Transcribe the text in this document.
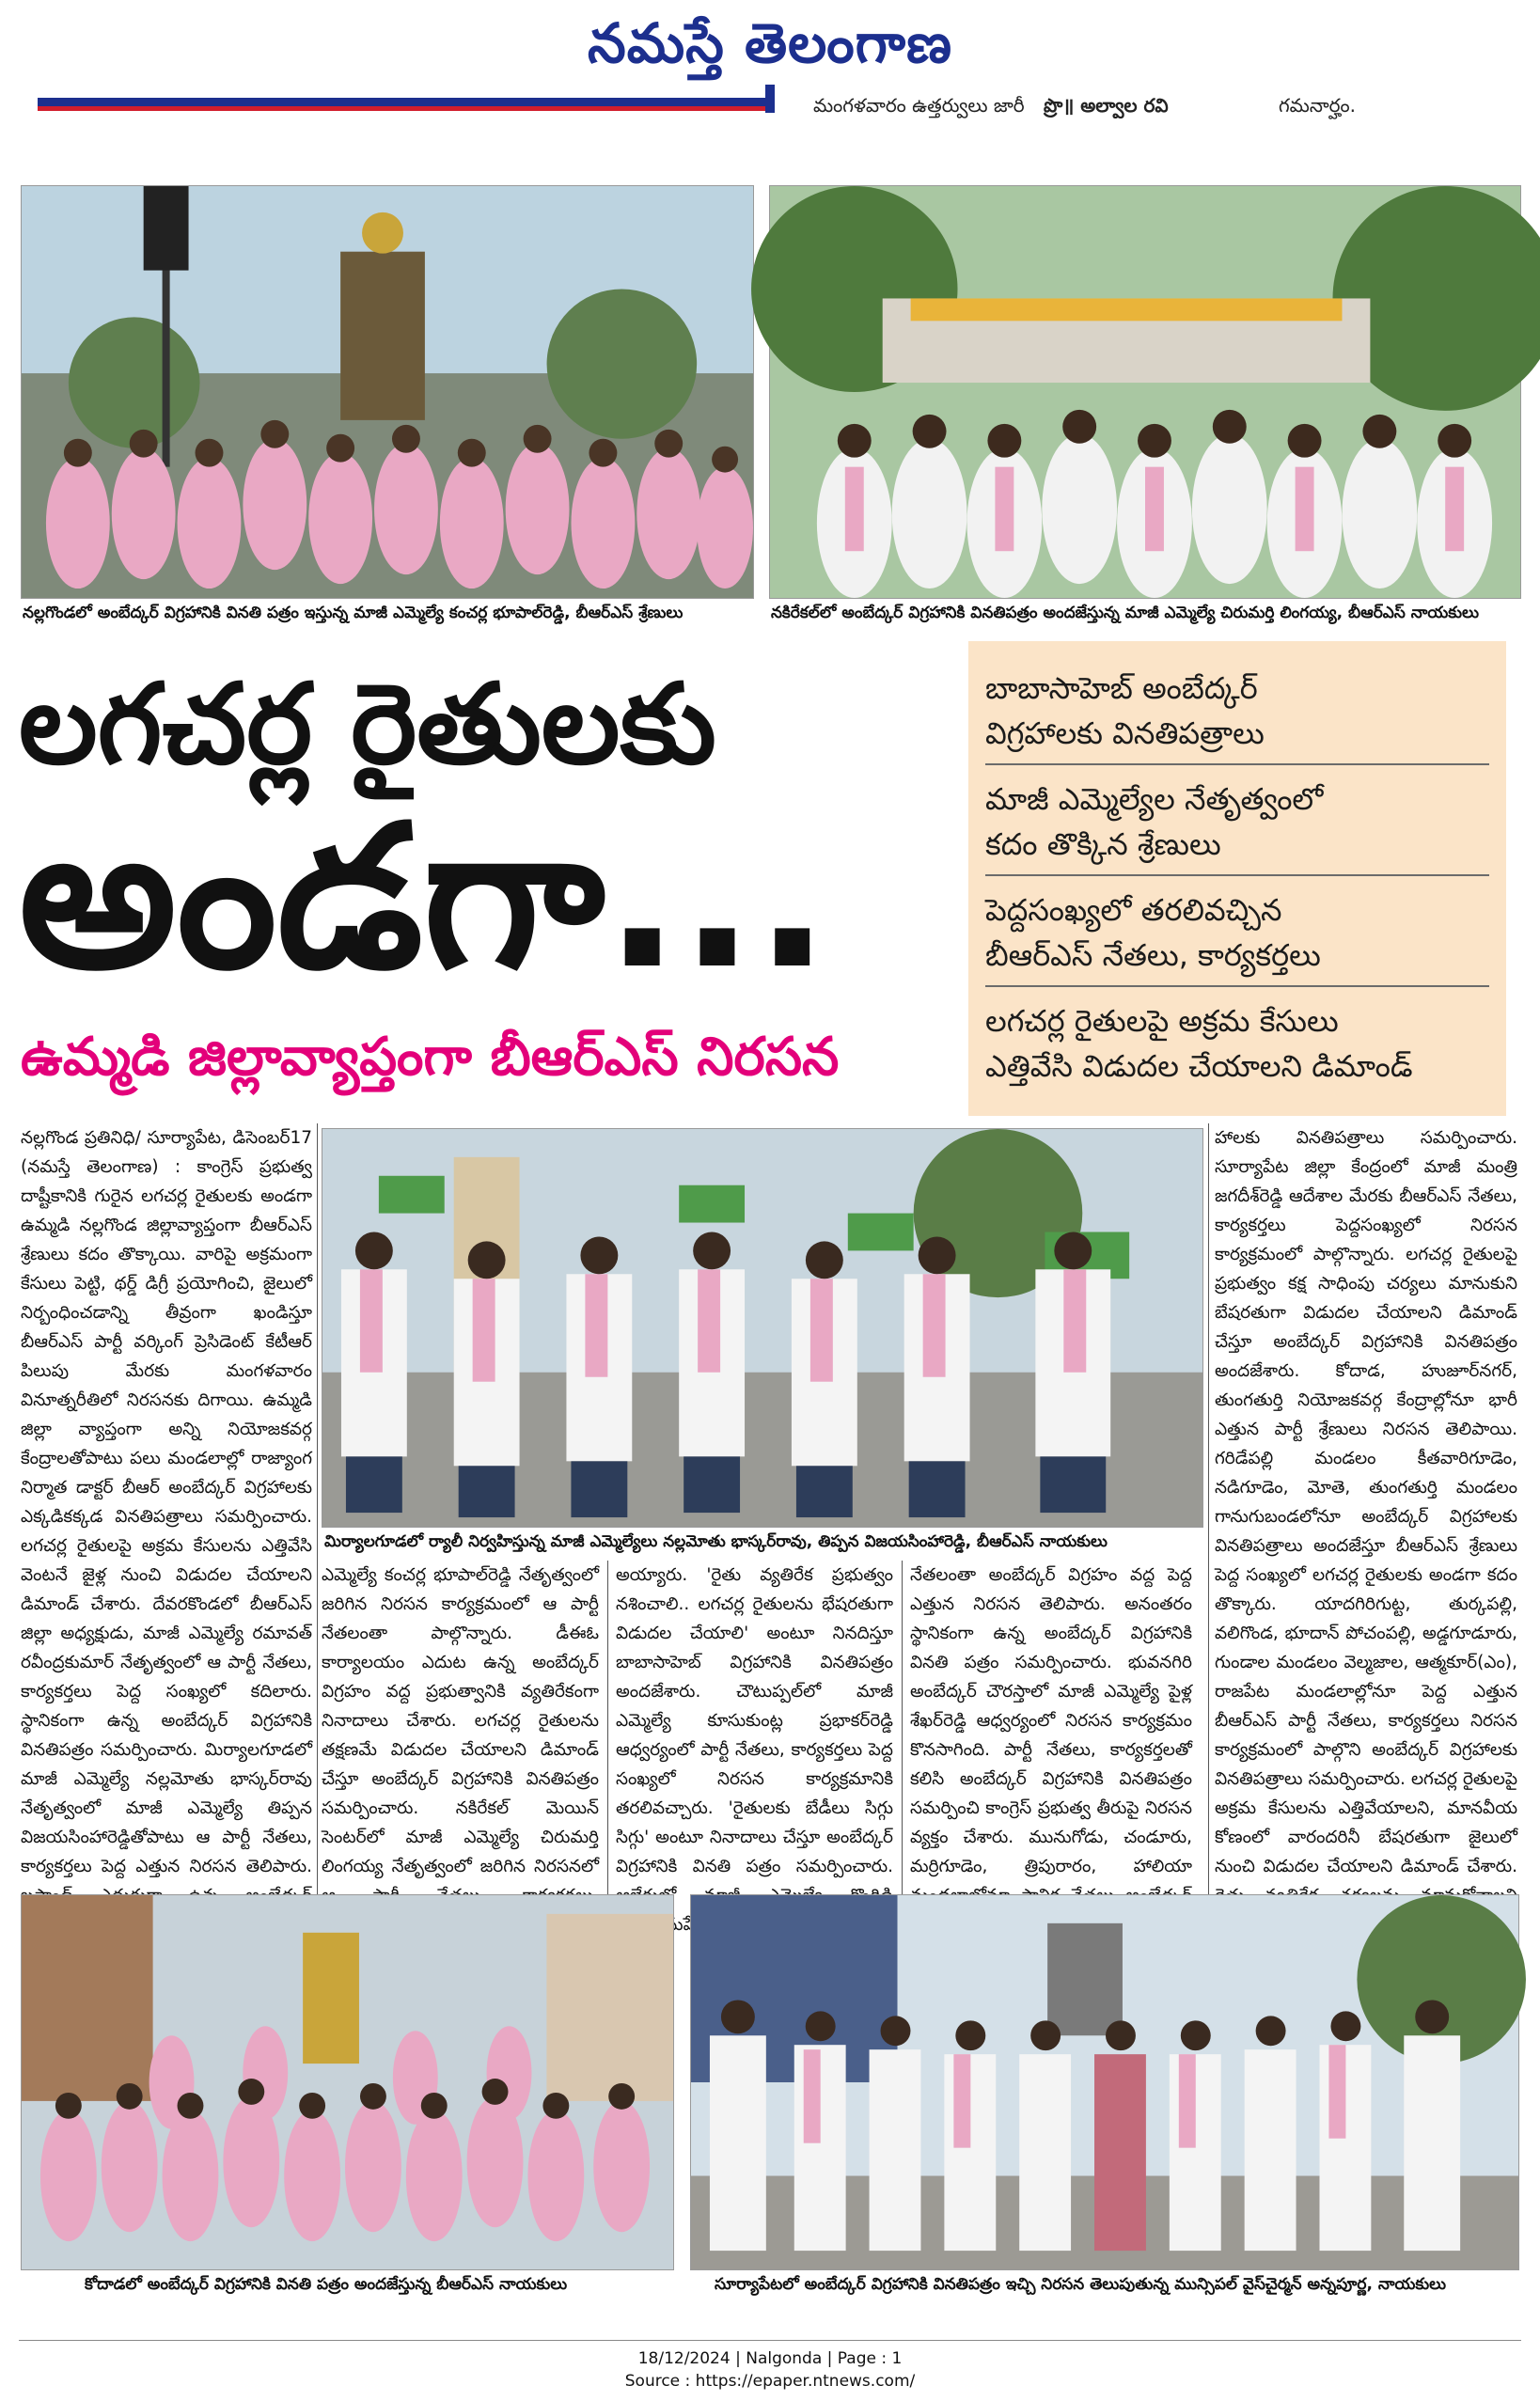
నమస్తే తెలంగాణ
మంగళవారం ఉత్తర్వులు జారీ ప్రొ॥ అల్వాల రవి	గమనార్హం.
నల్లగొండలో అంబేద్కర్ విగ్రహానికి వినతి పత్రం ఇస్తున్న మాజీ ఎమ్మెల్యే కంచర్ల భూపాల్‌రెడ్డి, బీఆర్ఎస్ శ్రేణులు	నకిరేకల్‌లో అంబేద్కర్ విగ్రహానికి వినతిపత్రం అందజేస్తున్న మాజీ ఎమ్మెల్యే చిరుమర్తి లింగయ్య, బీఆర్ఎస్ నాయకులు
లగచర్ల రైతులకు
అండగా...
ఉమ్మడి జిల్లావ్యాప్తంగా బీఆర్ఎస్ నిరసన
బాబాసాహెబ్ అంబేద్కర్
విగ్రహాలకు వినతిపత్రాలు
మాజీ ఎమ్మెల్యేల నేతృత్వంలో
కదం తొక్కిన శ్రేణులు
పెద్దసంఖ్యలో తరలివచ్చిన
బీఆర్ఎస్ నేతలు, కార్యకర్తలు
లగచర్ల రైతులపై అక్రమ కేసులు
ఎత్తివేసి విడుదల చేయాలని డిమాండ్
నల్లగొండ ప్రతినిధి/ సూర్యాపేట, డిసెంబర్17 (నమస్తే తెలంగాణ) : కాంగ్రెస్ ప్రభుత్వ దాష్టీకానికి గురైన లగచర్ల రైతులకు అండగా ఉమ్మడి నల్లగొండ జిల్లావ్యాప్తంగా బీఆర్ఎస్ శ్రేణులు కదం తొక్కాయి. వారిపై అక్రమంగా కేసులు పెట్టి, థర్డ్ డిగ్రీ ప్రయోగించి, జైలులో నిర్బంధించడాన్ని తీవ్రంగా ఖండిస్తూ బీఆర్ఎస్ పార్టీ వర్కింగ్ ప్రెసిడెంట్ కేటీఆర్ పిలుపు మేరకు మంగళవారం వినూత్నరీతిలో నిరసనకు దిగాయి. ఉమ్మడి జిల్లా వ్యాప్తంగా అన్ని నియోజకవర్గ కేంద్రాలతోపాటు పలు మండలాల్లో రాజ్యాంగ నిర్మాత డాక్టర్ బీఆర్ అంబేద్కర్ విగ్రహాలకు ఎక్కడికక్కడ వినతిపత్రాలు సమర్పించారు. లగచర్ల రైతులపై అక్రమ కేసులను ఎత్తివేసి వెంటనే జైళ్ల నుంచి విడుదల చేయాలని డిమాండ్ చేశారు. దేవరకొండలో బీఆర్ఎస్ జిల్లా అధ్యక్షుడు, మాజీ ఎమ్మెల్యే రమావత్ రవీంద్రకుమార్ నేతృత్వంలో ఆ పార్టీ నేతలు, కార్యకర్తలు పెద్ద సంఖ్యలో కదిలారు. స్థానికంగా ఉన్న అంబేద్కర్ విగ్రహానికి వినతిపత్రం సమర్పించారు. మిర్యాలగూడలో మాజీ ఎమ్మెల్యే నల్లమోతు భాస్కర్‌రావు నేతృత్వంలో మాజీ ఎమ్మెల్యే తిప్పన విజయసింహారెడ్డితోపాటు ఆ పార్టీ నేతలు, కార్యకర్తలు పెద్ద ఎత్తున నిరసన తెలిపారు.
మిర్యాలగూడలో ర్యాలీ నిర్వహిస్తున్న మాజీ ఎమ్మెల్యేలు నల్లమోతు భాస్కర్‌రావు, తిప్పన విజయసింహారెడ్డి, బీఆర్ఎస్ నాయకులు
ఎమ్మెల్యే కంచర్ల భూపాల్‌రెడ్డి నేతృత్వంలో జరిగిన నిరసన కార్యక్రమంలో ఆ పార్టీ నేతలంతా పాల్గొన్నారు. డీఈఓ కార్యాలయం ఎదుట ఉన్న అంబేద్కర్ విగ్రహం వద్ద ప్రభుత్వానికి వ్యతిరేకంగా నినాదాలు చేశారు. లగచర్ల రైతులను తక్షణమే విడుదల చేయాలని డిమాండ్ చేస్తూ అంబేద్కర్ విగ్రహానికి వినతిపత్రం సమర్పించారు. నకిరేకల్ మెయిన్ సెంటర్‌లో మాజీ ఎమ్మెల్యే చిరుమర్తి లింగయ్య నేతృత్వంలో జరిగిన నిరసనలో
అయ్యారు. 'రైతు వ్యతిరేక ప్రభుత్వం నశించాలి.. లగచర్ల రైతులను భేషరతుగా విడుదల చేయాలి' అంటూ నినదిస్తూ బాబాసాహెబ్ విగ్రహానికి వినతిపత్రం అందజేశారు. చౌటుప్పల్‌లో మాజీ ఎమ్మెల్యే కూసుకుంట్ల ప్రభాకర్‌రెడ్డి ఆధ్వర్యంలో పార్టీ నేతలు, కార్యకర్తలు పెద్ద సంఖ్యలో నిరసన కార్యక్రమానికి తరలివచ్చారు. 'రైతులకు బేడీలు సిగ్గు సిగ్గు' అంటూ నినాదాలు చేస్తూ అంబేద్కర్ విగ్రహానికి వినతి పత్రం సమర్పించారు. సునీతామహేందర్‌రెడ్డి
నేతలంతా అంబేద్కర్ విగ్రహం వద్ద పెద్ద ఎత్తున నిరసన తెలిపారు. అనంతరం స్థానికంగా ఉన్న అంబేద్కర్ విగ్రహానికి వినతి పత్రం సమర్పించారు. భువనగిరి అంబేద్కర్ చౌరస్తాలో మాజీ ఎమ్మెల్యే పైళ్ల శేఖర్‌రెడ్డి ఆధ్వర్యంలో నిరసన కార్యక్రమం కొనసాగింది. పార్టీ నేతలు, కార్యకర్తలతో కలిసి అంబేద్కర్ విగ్రహానికి వినతిపత్రం సమర్పించి కాంగ్రెస్ ప్రభుత్వ తీరుపై నిరసన వ్యక్తం చేశారు. మునుగోడు, చండూరు, మర్రిగూడెం, త్రిపురారం, హాలియా
హాలకు వినతిపత్రాలు సమర్పించారు. సూర్యాపేట జిల్లా కేంద్రంలో మాజీ మంత్రి జగదీశ్‌రెడ్డి ఆదేశాల మేరకు బీఆర్ఎస్ నేతలు, కార్యకర్తలు పెద్దసంఖ్యలో నిరసన కార్యక్రమంలో పాల్గొన్నారు. లగచర్ల రైతులపై ప్రభుత్వం కక్ష సాధింపు చర్యలు మానుకుని బేషరతుగా విడుదల చేయాలని డిమాండ్ చేస్తూ అంబేద్కర్ విగ్రహానికి వినతిపత్రం అందజేశారు. కోదాడ, హుజూర్‌నగర్, తుంగతుర్తి నియోజకవర్గ కేంద్రాల్లోనూ భారీ ఎత్తున పార్టీ శ్రేణులు నిరసన తెలిపాయి. గరిడేపల్లి మండలం కీతవారిగూడెం, నడిగూడెం, మోతె, తుంగతుర్తి మండలం గానుగుబండలోనూ అంబేద్కర్ విగ్రహాలకు వినతిపత్రాలు అందజేస్తూ బీఆర్ఎస్ శ్రేణులు పెద్ద సంఖ్యలో లగచర్ల రైతులకు అండగా కదం తొక్కారు. యాదగిరిగుట్ట, తుర్కపల్లి, వలిగొండ, భూదాన్ పోచంపల్లి, అడ్డగూడూరు, గుండాల మండలం వెల్మజాల, ఆత్మకూర్(ఎం), రాజపేట మండలాల్లోనూ పెద్ద ఎత్తున బీఆర్ఎస్ పార్టీ నేతలు, కార్యకర్తలు నిరసన కార్యక్రమంలో పాల్గొని అంబేద్కర్ విగ్రహాలకు వినతిపత్రాలు సమర్పించారు. లగచర్ల రైతులపై అక్రమ కేసులను ఎత్తివేయాలని, మానవీయ కోణంలో వారందరినీ బేషరతుగా జైలులో నుంచి విడుదల చేయాలని డిమాండ్ చేశారు.
కోదాడలో అంబేద్కర్ విగ్రహానికి వినతి పత్రం అందజేస్తున్న బీఆర్ఎస్ నాయకులు	సూర్యాపేటలో అంబేద్కర్ విగ్రహానికి వినతిపత్రం ఇచ్చి నిరసన తెలుపుతున్న మున్సిపల్ వైస్‌చైర్మన్ అన్నపూర్ణ, నాయకులు
18/12/2024 | Nalgonda | Page : 1
Source : https://epaper.ntnews.com/
